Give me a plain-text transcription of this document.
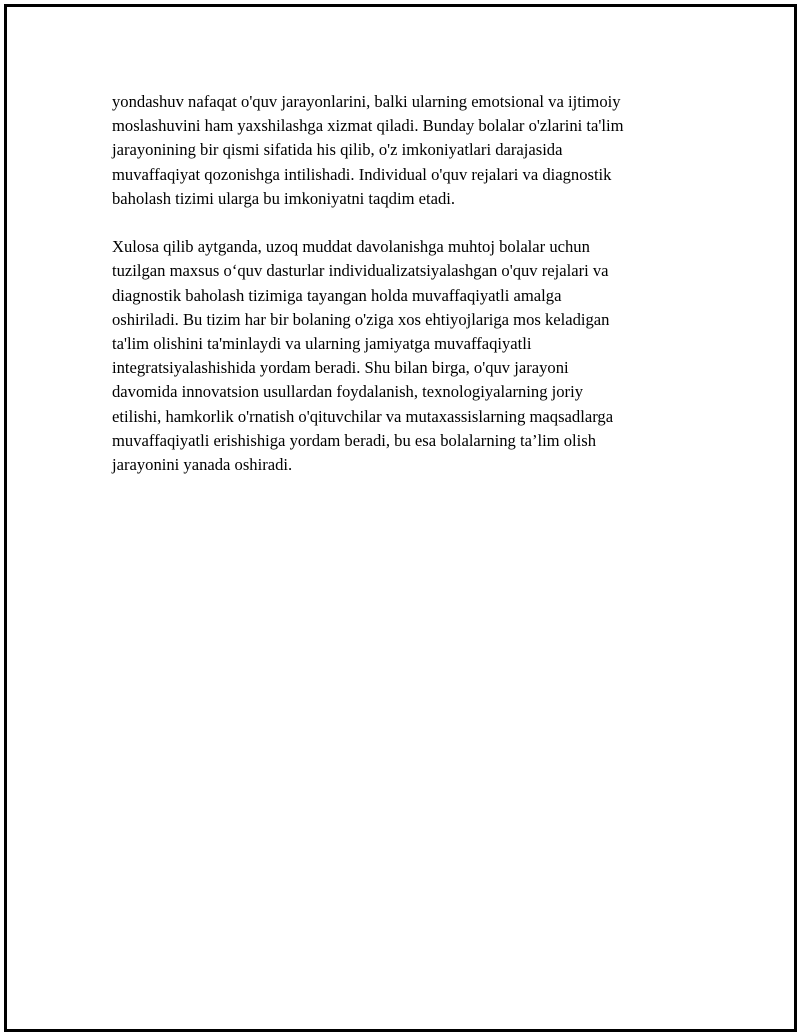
yondashuv nafaqat o'quv jarayonlarini, balki ularning emotsional va ijtimoiy
moslashuvini ham yaxshilashga xizmat qiladi. Bunday bolalar o'zlarini ta'lim
jarayonining bir qismi sifatida his qilib, o'z imkoniyatlari darajasida
muvaffaqiyat qozonishga intilishadi. Individual o'quv rejalari va diagnostik
baholash tizimi ularga bu imkoniyatni taqdim etadi.

Xulosa qilib aytganda, uzoq muddat davolanishga muhtoj bolalar uchun
tuzilgan maxsus o‘quv dasturlar individualizatsiyalashgan o'quv rejalari va
diagnostik baholash tizimiga tayangan holda muvaffaqiyatli amalga
oshiriladi. Bu tizim har bir bolaning o'ziga xos ehtiyojlariga mos keladigan
ta'lim olishini ta'minlaydi va ularning jamiyatga muvaffaqiyatli
integratsiyalashishida yordam beradi. Shu bilan birga, o'quv jarayoni
davomida innovatsion usullardan foydalanish, texnologiyalarning joriy
etilishi, hamkorlik o'rnatish o'qituvchilar va mutaxassislarning maqsadlarga
muvaffaqiyatli erishishiga yordam beradi, bu esa bolalarning ta’lim olish
jarayonini yanada oshiradi.
